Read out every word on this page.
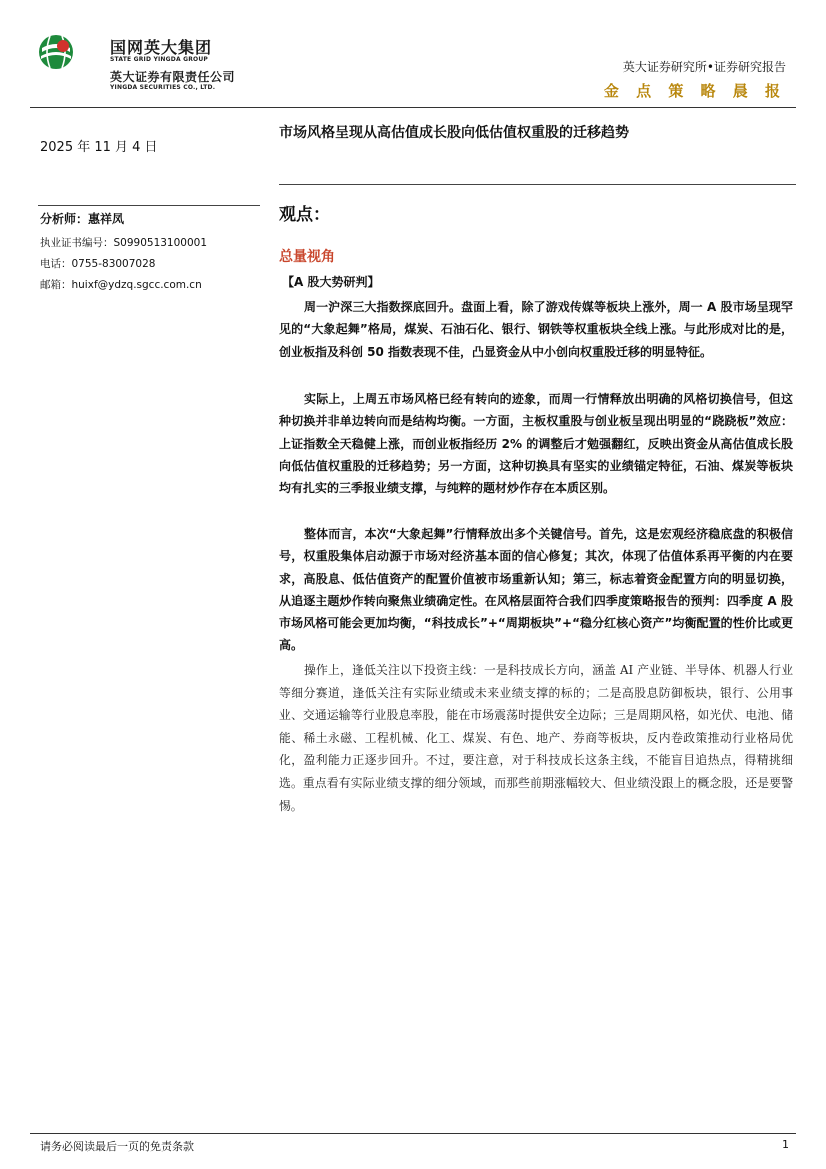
国网英大集团
STATE GRID YINGDA GROUP
英大证券有限责任公司
YINGDA SECURITIES CO., LTD.
英大证券研究所•证券研究报告
金 点 策 略 晨 报
2025 年 11 月 4 日
市场风格呈现从高估值成长股向低估值权重股的迁移趋势
分析师：惠祥凤
执业证书编号：S0990513100001
电话：0755-83007028
邮箱：huixf@ydzq.sgcc.com.cn
观点：
总量视角
【A 股大势研判】
周一沪深三大指数探底回升。盘面上看，除了游戏传媒等板块上涨外，周一 A 股市场呈现罕见的“大象起舞”格局，煤炭、石油石化、银行、钢铁等权重板块全线上涨。与此形成对比的是，创业板指及科创 50 指数表现不佳，凸显资金从中小创向权重股迁移的明显特征。
实际上，上周五市场风格已经有转向的迹象，而周一行情释放出明确的风格切换信号，但这种切换并非单边转向而是结构均衡。一方面，主板权重股与创业板呈现出明显的“跷跷板”效应：上证指数全天稳健上涨，而创业板指经历 2% 的调整后才勉强翻红，反映出资金从高估值成长股向低估值权重股的迁移趋势；另一方面，这种切换具有坚实的业绩锚定特征，石油、煤炭等板块均有扎实的三季报业绩支撑，与纯粹的题材炒作存在本质区别。
整体而言，本次“大象起舞”行情释放出多个关键信号。首先，这是宏观经济稳底盘的积极信号，权重股集体启动源于市场对经济基本面的信心修复；其次，体现了估值体系再平衡的内在要求，高股息、低估值资产的配置价值被市场重新认知；第三，标志着资金配置方向的明显切换，从追逐主题炒作转向聚焦业绩确定性。在风格层面符合我们四季度策略报告的预判：四季度 A 股市场风格可能会更加均衡，“科技成长”+“周期板块”+“稳分红核心资产”均衡配置的性价比或更高。
操作上，逢低关注以下投资主线：一是科技成长方向，涵盖 AI 产业链、半导体、机器人行业等细分赛道，逢低关注有实际业绩或未来业绩支撑的标的；二是高股息防御板块，银行、公用事业、交通运输等行业股息率股，能在市场震荡时提供安全边际；三是周期风格，如光伏、电池、储能、稀土永磁、工程机械、化工、煤炭、有色、地产、券商等板块，反内卷政策推动行业格局优化，盈利能力正逐步回升。不过，要注意，对于科技成长这条主线，不能盲目追热点，得精挑细选。重点看有实际业绩支撑的细分领域，而那些前期涨幅较大、但业绩没跟上的概念股，还是要警惕。
请务必阅读最后一页的免责条款	1
